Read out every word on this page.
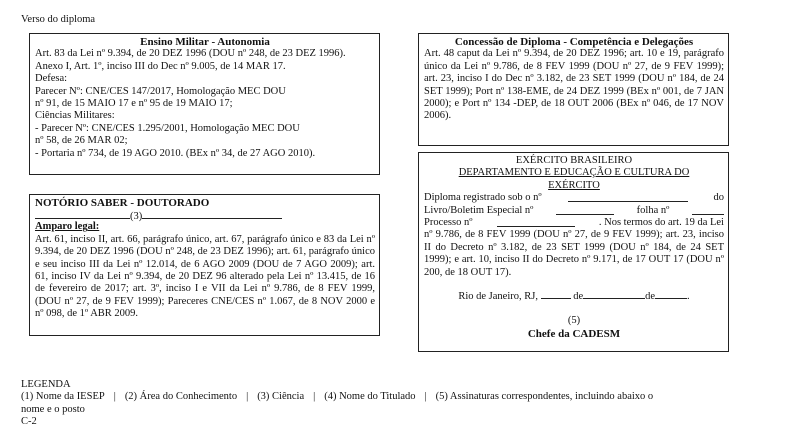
Verso do diploma
Ensino Militar - Autonomia
Art. 83 da Lei nº 9.394, de 20 DEZ 1996 (DOU nº 248, de 23 DEZ 1996).
Anexo I, Art. 1º, inciso III do Dec nº 9.005, de 14 MAR 17.
Defesa:
Parecer Nº: CNE/CES 147/2017, Homologação MEC DOU
nº 91, de 15 MAIO 17 e nº 95 de 19 MAIO 17;
Ciências Militares:
- Parecer Nº: CNE/CES 1.295/2001, Homologação MEC DOU
nº 58, de 26 MAR 02;
- Portaria nº 734, de 19 AGO 2010. (BEx nº 34, de 27 AGO 2010).
NOTÓRIO SABER - DOUTORADO
(3)
Amparo legal:
Art. 61, inciso II, art. 66, parágrafo único, art. 67, parágrafo único e 83 da Lei nº 9.394, de 20 DEZ 1996 (DOU nº 248, de 23 DEZ 1996); art. 61, parágrafo único e seu inciso III da Lei nº 12.014, de 6 AGO 2009 (DOU de 7 AGO 2009); art. 61, inciso IV da Lei nº 9.394, de 20 DEZ 96 alterado pela Lei nº 13.415, de 16 de fevereiro de 2017; art. 3º, inciso I e VII da Lei nº 9.786, de 8 FEV 1999, (DOU nº 27, de 9 FEV 1999); Pareceres CNE/CES nº 1.067, de 8 NOV 2000 e nº 098, de 1º ABR 2009.
Concessão de Diploma - Competência e Delegações
Art. 48 caput da Lei nº 9.394, de 20 DEZ 1996; art. 10 e 19, parágrafo único da Lei nº 9.786, de 8 FEV 1999 (DOU nº 27, de 9 FEV 1999); art. 23, inciso I do Dec nº 3.182, de 23 SET 1999 (DOU nº 184, de 24 SET 1999); Port nº 138-EME, de 24 DEZ 1999 (BEx nº 001, de 7 JAN 2000); e Port nº 134 -DEP, de 18 OUT 2006 (BEx nº 046, de 17 NOV 2006).
EXÉRCITO BRASILEIRO
DEPARTAMENTO E EDUCAÇÃO E CULTURA DO
EXÉRCITO
Diploma registrado sob o nº	do
Livro/Boletim Especial nº	folha nº
Processo nº	. Nos termos do art. 19 da Lei
nº 9.786, de 8 FEV 1999 (DOU nº 27, de 9 FEV 1999); art. 23, inciso II do Decreto nº 3.182, de 23 SET 1999 (DOU nº 184, de 24 SET 1999); e art. 10, inciso II do Decreto nº 9.171, de 17 OUT 17 (DOU nº 200, de 18 OUT 17).
Rio de Janeiro, RJ,	de	de	.
(5)
Chefe da CADESM
LEGENDA
(1) Nome da IESEP | (2) Área do Conhecimento | (3) Ciência | (4) Nome do Titulado | (5) Assinaturas correspondentes, incluindo abaixo o
nome e o posto
C-2
